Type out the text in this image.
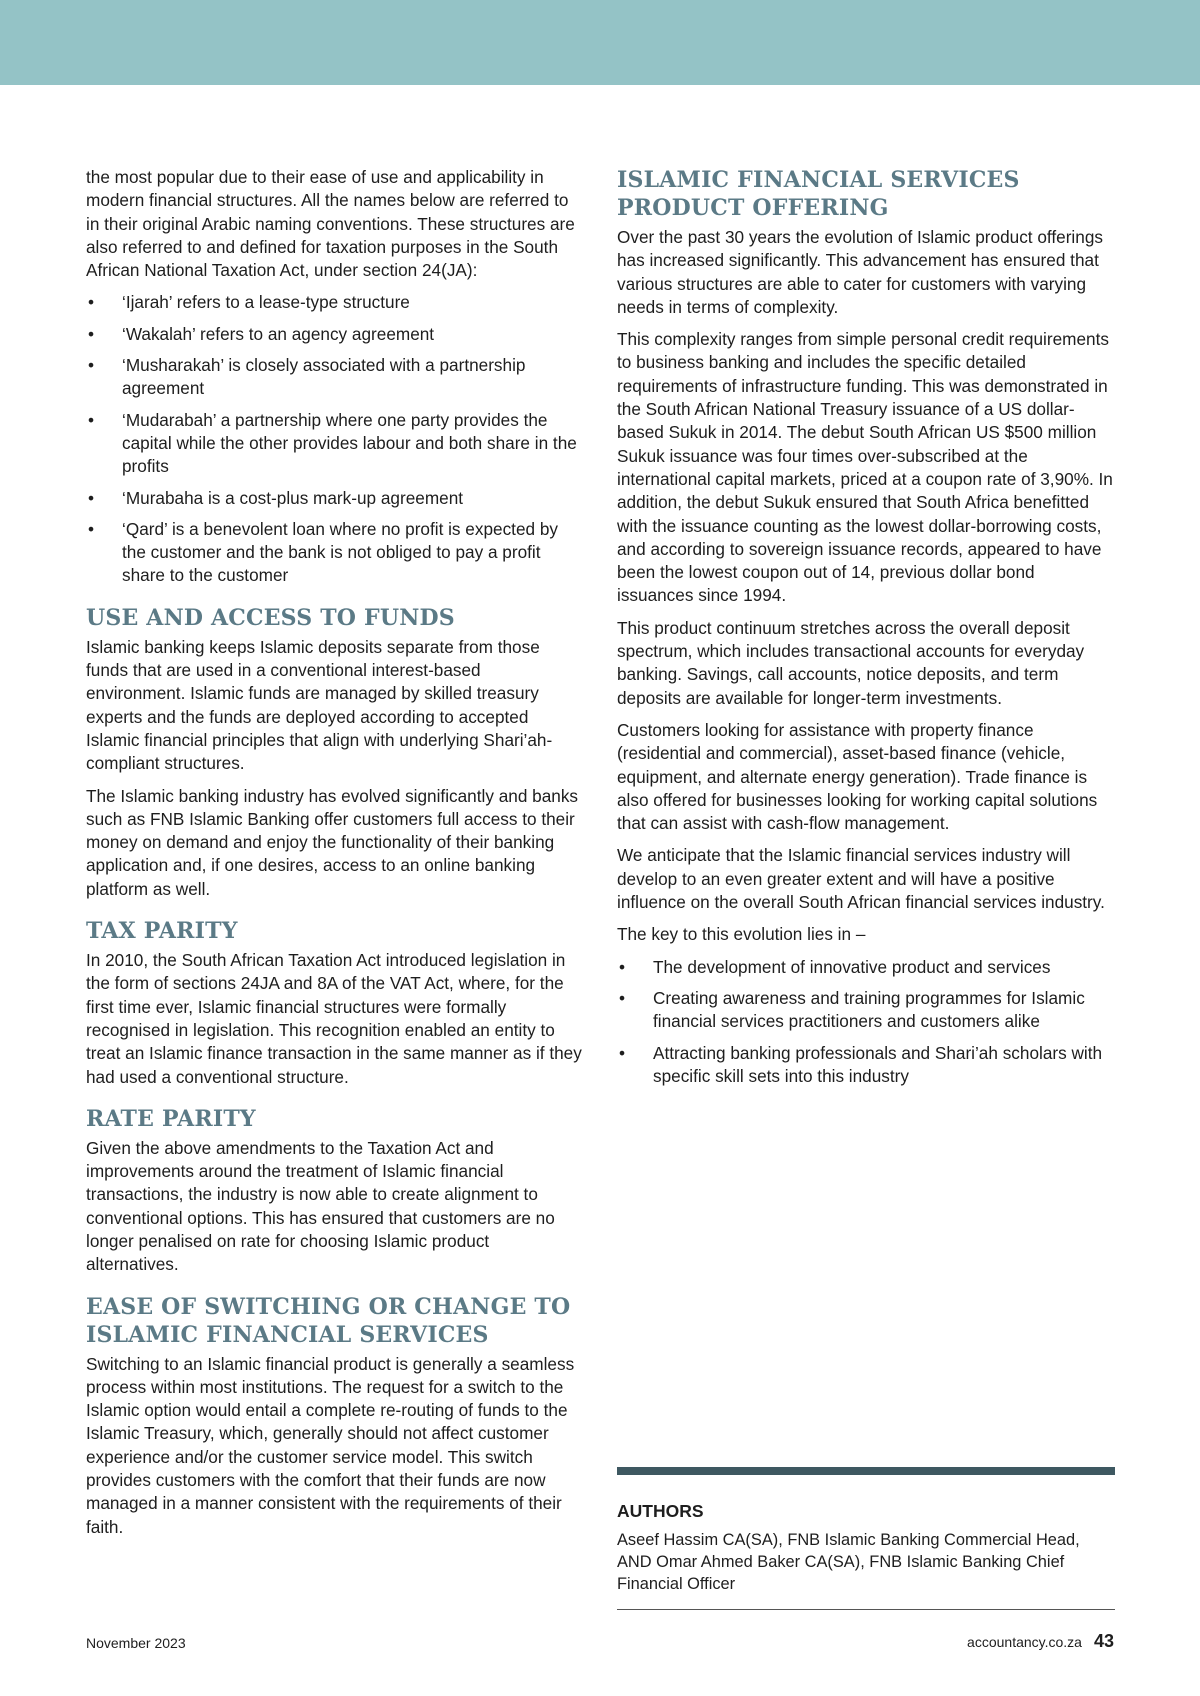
the most popular due to their ease of use and applicability in modern financial structures. All the names below are referred to in their original Arabic naming conventions. These structures are also referred to and defined for taxation purposes in the South African National Taxation Act, under section 24(JA):

• ‘Ijarah’ refers to a lease-type structure
• ‘Wakalah’ refers to an agency agreement
• ‘Musharakah’ is closely associated with a partnership agreement
• ‘Mudarabah’ a partnership where one party provides the capital while the other provides labour and both share in the profits
• ‘Murabaha is a cost-plus mark-up agreement
• ‘Qard’ is a benevolent loan where no profit is expected by the customer and the bank is not obliged to pay a profit share to the customer
USE AND ACCESS TO FUNDS

Islamic banking keeps Islamic deposits separate from those funds that are used in a conventional interest-based environment. Islamic funds are managed by skilled treasury experts and the funds are deployed according to accepted Islamic financial principles that align with underlying Shari’ah-compliant structures.

The Islamic banking industry has evolved significantly and banks such as FNB Islamic Banking offer customers full access to their money on demand and enjoy the functionality of their banking application and, if one desires, access to an online banking platform as well.

TAX PARITY

In 2010, the South African Taxation Act introduced legislation in the form of sections 24JA and 8A of the VAT Act, where, for the first time ever, Islamic financial structures were formally recognised in legislation. This recognition enabled an entity to treat an Islamic finance transaction in the same manner as if they had used a conventional structure.

RATE PARITY

Given the above amendments to the Taxation Act and improvements around the treatment of Islamic financial transactions, the industry is now able to create alignment to conventional options. This has ensured that customers are no longer penalised on rate for choosing Islamic product alternatives.

EASE OF SWITCHING OR CHANGE TO ISLAMIC FINANCIAL SERVICES

Switching to an Islamic financial product is generally a seamless process within most institutions. The request for a switch to the Islamic option would entail a complete re-routing of funds to the Islamic Treasury, which, generally should not affect customer experience and/or the customer service model. This switch provides customers with the comfort that their funds are now managed in a manner consistent with the requirements of their faith.

ISLAMIC FINANCIAL SERVICES PRODUCT OFFERING

Over the past 30 years the evolution of Islamic product offerings has increased significantly. This advancement has ensured that various structures are able to cater for customers with varying needs in terms of complexity.

This complexity ranges from simple personal credit requirements to business banking and includes the specific detailed requirements of infrastructure funding. This was demonstrated in the South African National Treasury issuance of a US dollar-based Sukuk in 2014. The debut South African US $500 million Sukuk issuance was four times over-subscribed at the international capital markets, priced at a coupon rate of 3,90%. In addition, the debut Sukuk ensured that South Africa benefitted with the issuance counting as the lowest dollar-borrowing costs, and according to sovereign issuance records, appeared to have been the lowest coupon out of 14, previous dollar bond issuances since 1994.

This product continuum stretches across the overall deposit spectrum, which includes transactional accounts for everyday banking. Savings, call accounts, notice deposits, and term deposits are available for longer-term investments.

Customers looking for assistance with property finance (residential and commercial), asset-based finance (vehicle, equipment, and alternate energy generation). Trade finance is also offered for businesses looking for working capital solutions that can assist with cash-flow management.

We anticipate that the Islamic financial services industry will develop to an even greater extent and will have a positive influence on the overall South African financial services industry.

The key to this evolution lies in –

• The development of innovative product and services
• Creating awareness and training programmes for Islamic financial services practitioners and customers alike
• Attracting banking professionals and Shari’ah scholars with specific skill sets into this industry
AUTHORS
Aseef Hassim CA(SA), FNB Islamic Banking Commercial Head, AND Omar Ahmed Baker CA(SA), FNB Islamic Banking Chief Financial Officer
November 2023	accountancy.co.za 43
